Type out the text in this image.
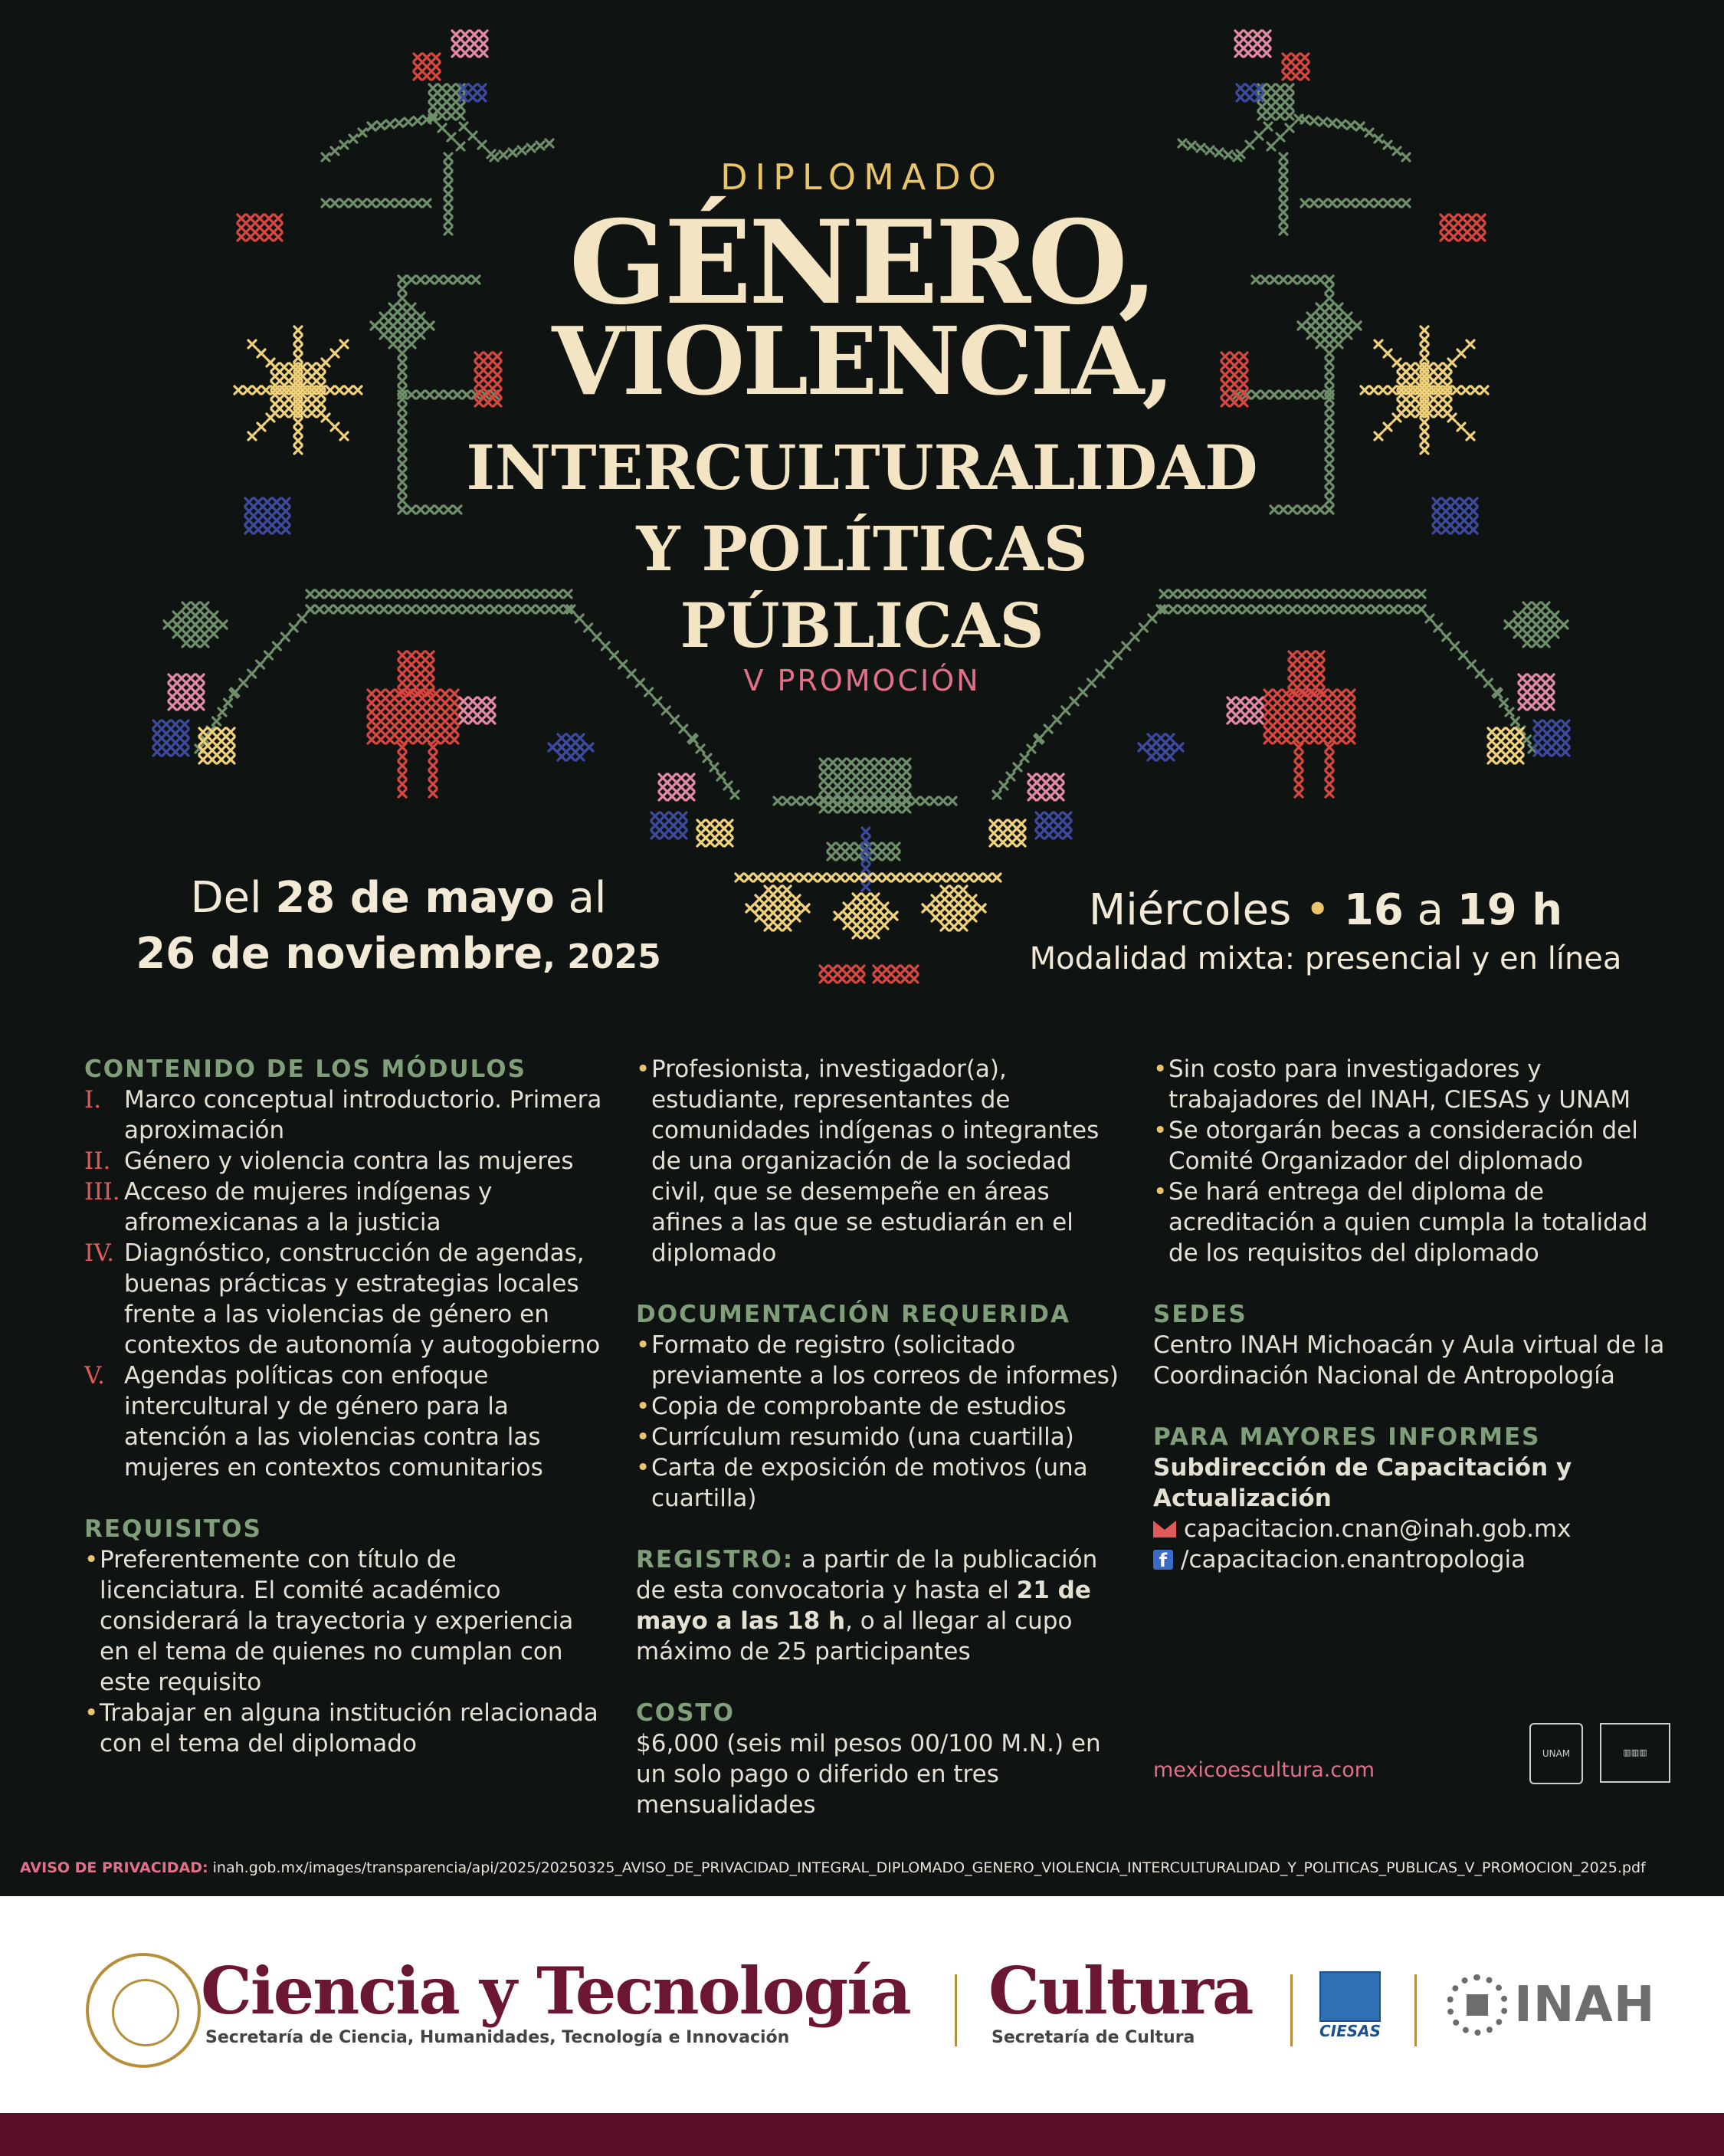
DIPLOMADO
GÉNERO,
VIOLENCIA,
INTERCULTURALIDAD
Y POLÍTICAS
PÚBLICAS
V PROMOCIÓN
Del 28 de mayo al
26 de noviembre, 2025
Miércoles • 16 a 19 h
Modalidad mixta: presencial y en línea
CONTENIDO DE LOS MÓDULOS
I. Marco conceptual introductorio. Primera aproximación
II. Género y violencia contra las mujeres
III. Acceso de mujeres indígenas y afromexicanas a la justicia
IV. Diagnóstico, construcción de agendas, buenas prácticas y estrategias locales frente a las violencias de género en contextos de autonomía y autogobierno
V. Agendas políticas con enfoque intercultural y de género para la atención a las violencias contra las mujeres en contextos comunitarios
REQUISITOS
• Preferentemente con título de licenciatura. El comité académico considerará la trayectoria y experiencia en el tema de quienes no cumplan con este requisito
• Trabajar en alguna institución relacionada con el tema del diplomado
• Profesionista, investigador(a), estudiante, representantes de comunidades indígenas o integrantes de una organización de la sociedad civil, que se desempeñe en áreas afines a las que se estudiarán en el diplomado
DOCUMENTACIÓN REQUERIDA
• Formato de registro (solicitado previamente a los correos de informes)
• Copia de comprobante de estudios
• Currículum resumido (una cuartilla)
• Carta de exposición de motivos (una cuartilla)
REGISTRO: a partir de la publicación de esta convocatoria y hasta el 21 de mayo a las 18 h, o al llegar al cupo máximo de 25 participantes
COSTO
$6,000 (seis mil pesos 00/100 M.N.) en un solo pago o diferido en tres mensualidades
• Sin costo para investigadores y trabajadores del INAH, CIESAS y UNAM
• Se otorgarán becas a consideración del Comité Organizador del diplomado
• Se hará entrega del diploma de acreditación a quien cumpla la totalidad de los requisitos del diplomado
SEDES
Centro INAH Michoacán y Aula virtual de la Coordinación Nacional de Antropología
PARA MAYORES INFORMES
Subdirección de Capacitación y Actualización
capacitacion.cnan@inah.gob.mx
f /capacitacion.enantropologia
mexicoescultura.com
UNAM	▥▥▥
AVISO DE PRIVACIDAD: inah.gob.mx/images/transparencia/api/2025/20250325_AVISO_DE_PRIVACIDAD_INTEGRAL_DIPLOMADO_GENERO_VIOLENCIA_INTERCULTURALIDAD_Y_POLITICAS_PUBLICAS_V_PROMOCION_2025.pdf
Ciencia y Tecnología
Secretaría de Ciencia, Humanidades, Tecnología e Innovación
Cultura
Secretaría de Cultura	CIESAS	INAH
